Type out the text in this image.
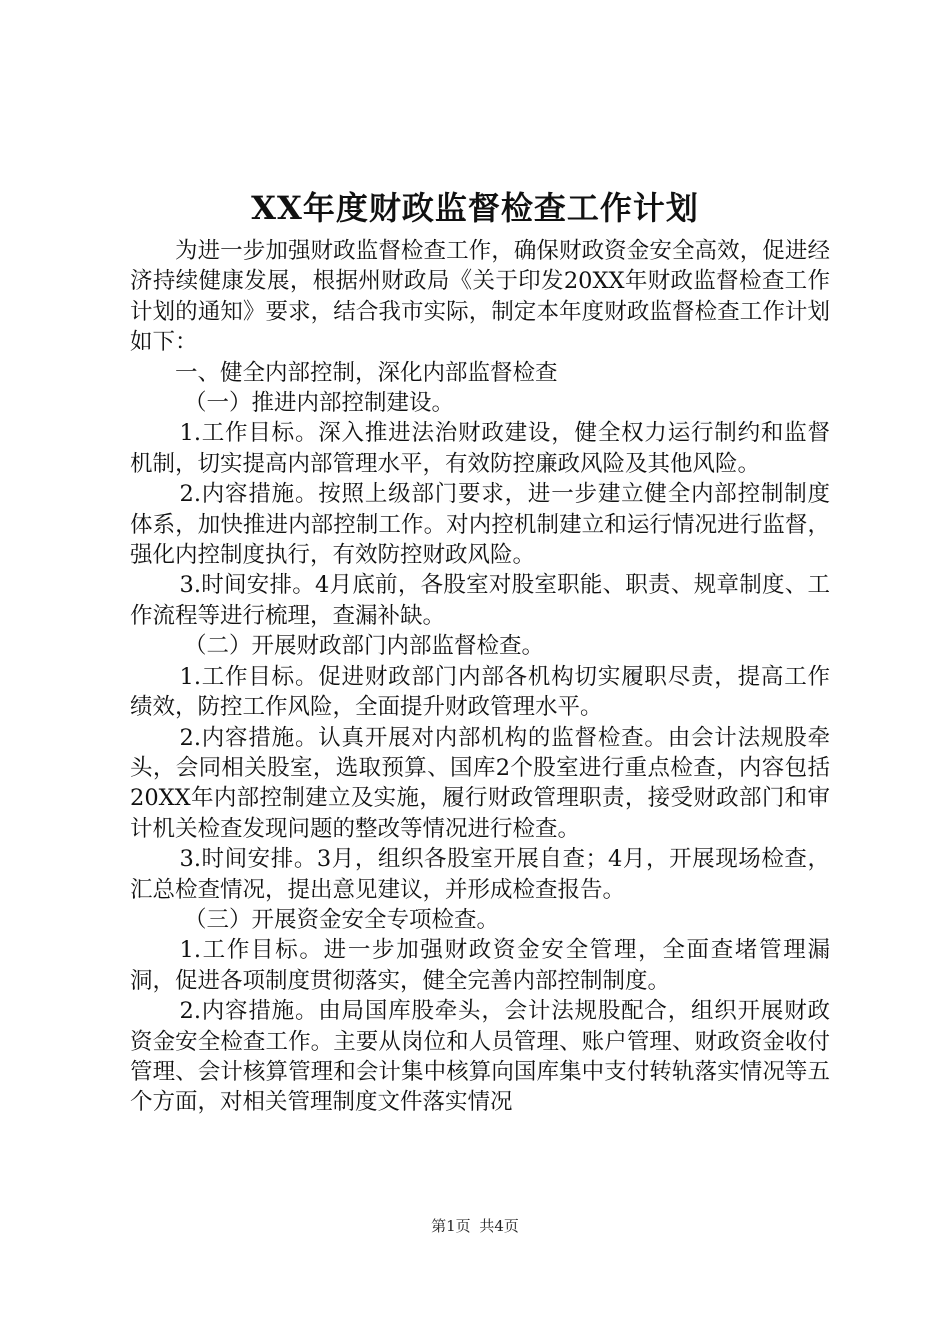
XX年度财政监督检查工作计划

为进一步加强财政监督检查工作，确保财政资金安全高效，促进经济持续健康发展，根据州财政局《关于印发20XX年财政监督检查工作计划的通知》要求，结合我市实际，制定本年度财政监督检查工作计划如下：

一、健全内部控制，深化内部监督检查

（一）推进内部控制建设。

1.工作目标。深入推进法治财政建设，健全权力运行制约和监督机制，切实提高内部管理水平，有效防控廉政风险及其他风险。

2.内容措施。按照上级部门要求，进一步建立健全内部控制制度体系，加快推进内部控制工作。对内控机制建立和运行情况进行监督，强化内控制度执行，有效防控财政风险。

3.时间安排。4月底前，各股室对股室职能、职责、规章制度、工作流程等进行梳理，查漏补缺。

（二）开展财政部门内部监督检查。

1.工作目标。促进财政部门内部各机构切实履职尽责，提高工作绩效，防控工作风险，全面提升财政管理水平。

2.内容措施。认真开展对内部机构的监督检查。由会计法规股牵头，会同相关股室，选取预算、国库2个股室进行重点检查，内容包括20XX年内部控制建立及实施，履行财政管理职责，接受财政部门和审计机关检查发现问题的整改等情况进行检查。

3.时间安排。3月，组织各股室开展自查；4月，开展现场检查，汇总检查情况，提出意见建议，并形成检查报告。

（三）开展资金安全专项检查。

1.工作目标。进一步加强财政资金安全管理，全面查堵管理漏洞，促进各项制度贯彻落实，健全完善内部控制制度。

2.内容措施。由局国库股牵头，会计法规股配合，组织开展财政资金安全检查工作。主要从岗位和人员管理、账户管理、财政资金收付管理、会计核算管理和会计集中核算向国库集中支付转轨落实情况等五个方面，对相关管理制度文件落实情况

第1页 共4页
